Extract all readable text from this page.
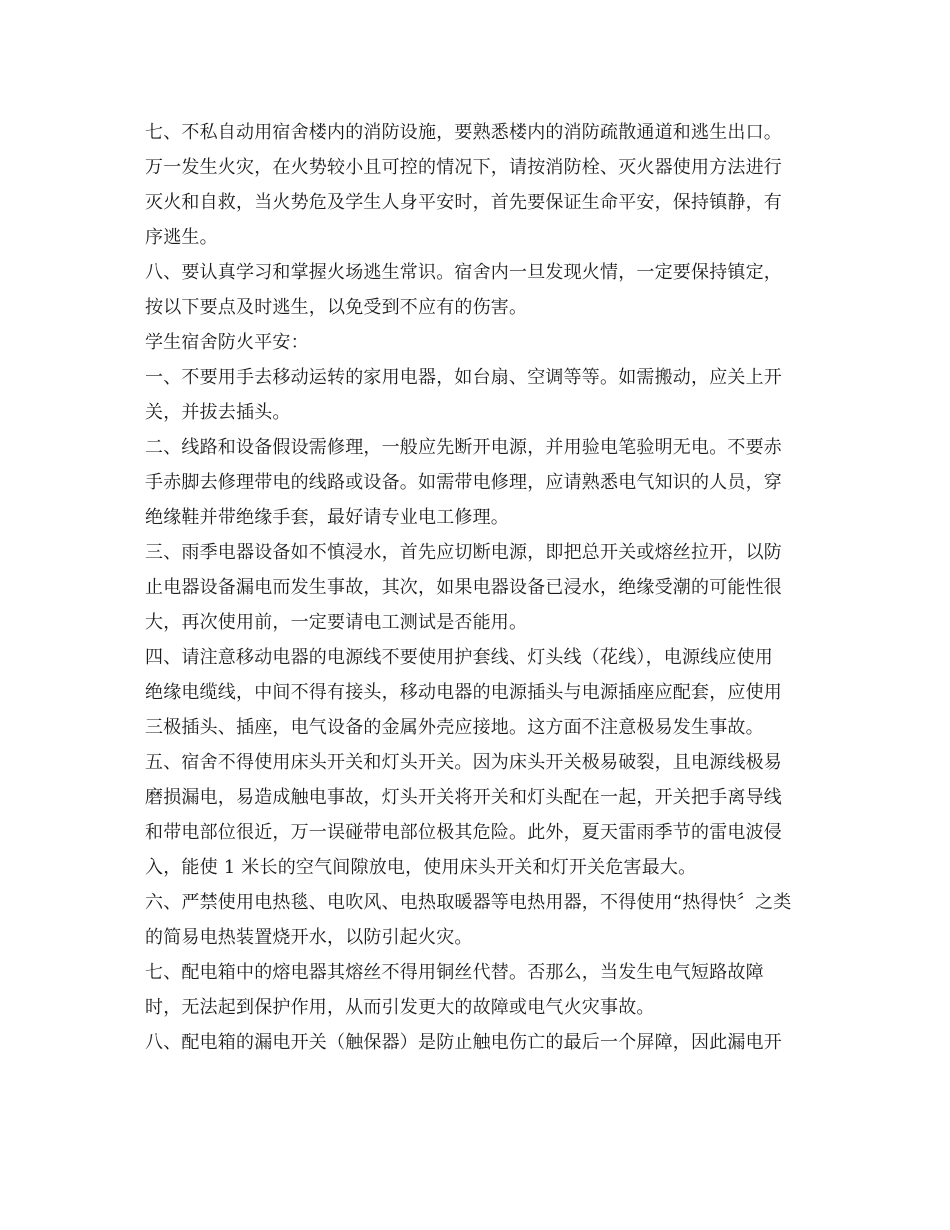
七、不私自动用宿舍楼内的消防设施，要熟悉楼内的消防疏散通道和逃生出口。
万一发生火灾，在火势较小且可控的情况下，请按消防栓、灭火器使用方法进行
灭火和自救，当火势危及学生人身平安时，首先要保证生命平安，保持镇静，有
序逃生。
八、要认真学习和掌握火场逃生常识。宿舍内一旦发现火情，一定要保持镇定，
按以下要点及时逃生，以免受到不应有的伤害。
学生宿舍防火平安：
一、不要用手去移动运转的家用电器，如台扇、空调等等。如需搬动，应关上开
关，并拔去插头。
二、线路和设备假设需修理，一般应先断开电源，并用验电笔验明无电。不要赤
手赤脚去修理带电的线路或设备。如需带电修理，应请熟悉电气知识的人员，穿
绝缘鞋并带绝缘手套，最好请专业电工修理。
三、雨季电器设备如不慎浸水，首先应切断电源，即把总开关或熔丝拉开，以防
止电器设备漏电而发生事故，其次，如果电器设备已浸水，绝缘受潮的可能性很
大，再次使用前，一定要请电工测试是否能用。
四、请注意移动电器的电源线不要使用护套线、灯头线（花线），电源线应使用
绝缘电缆线，中间不得有接头，移动电器的电源插头与电源插座应配套，应使用
三极插头、插座，电气设备的金属外壳应接地。这方面不注意极易发生事故。
五、宿舍不得使用床头开关和灯头开关。因为床头开关极易破裂，且电源线极易
磨损漏电，易造成触电事故，灯头开关将开关和灯头配在一起，开关把手离导线
和带电部位很近，万一误碰带电部位极其危险。此外，夏天雷雨季节的雷电波侵
入，能使 1 米长的空气间隙放电，使用床头开关和灯开关危害最大。
六、严禁使用电热毯、电吹风、电热取暖器等电热用器，不得使用“热得快〞之类
的简易电热装置烧开水，以防引起火灾。
七、配电箱中的熔电器其熔丝不得用铜丝代替。否那么，当发生电气短路故障
时，无法起到保护作用，从而引发更大的故障或电气火灾事故。
八、配电箱的漏电开关（触保器）是防止触电伤亡的最后一个屏障，因此漏电开
